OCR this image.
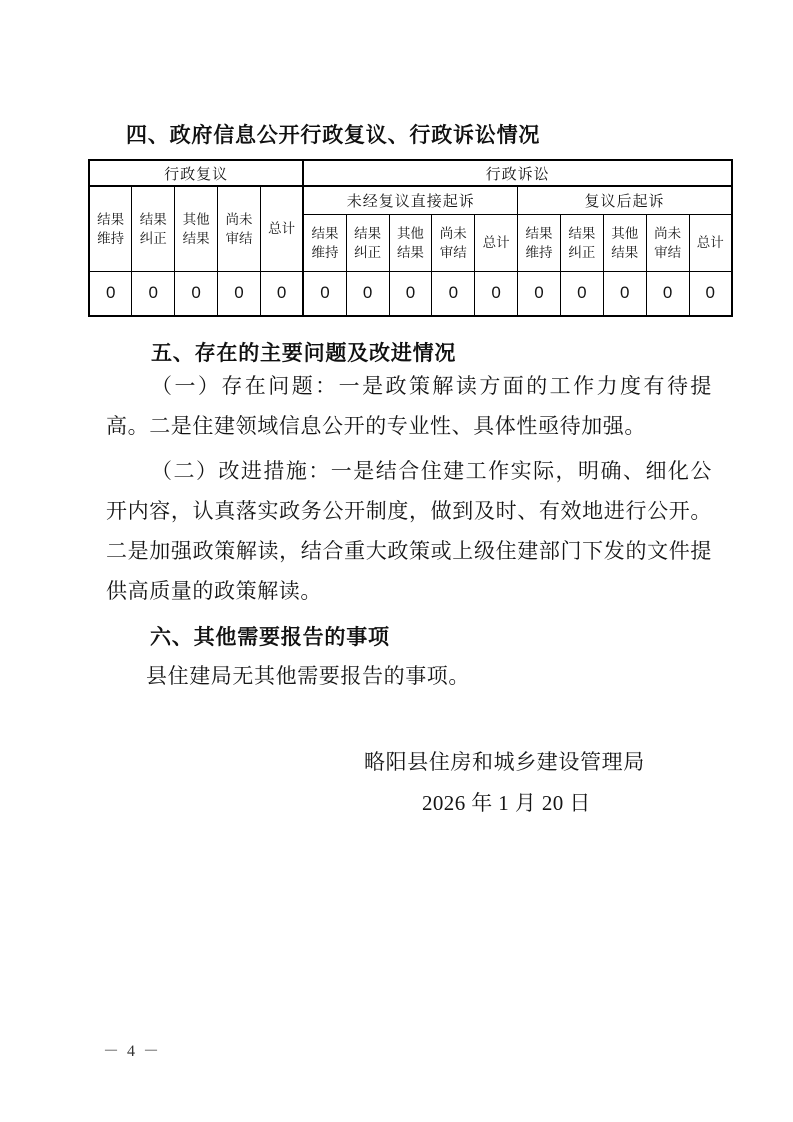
四、政府信息公开行政复议、行政诉讼情况
行政复议					行政诉讼									
结果维持	结果纠正	其他结果	尚未审结	总计	未经复议直接起诉					复议后起诉				
					结果维持	结果纠正	其他结果	尚未审结	总计	结果维持	结果纠正	其他结果	尚未审结	总计
0	0	0	0	0	0	0	0	0	0	0	0	0	0	0
五、存在的主要问题及改进情况
（一）存在问题：一是政策解读方面的工作力度有待提高。二是住建领域信息公开的专业性、具体性亟待加强。
（二）改进措施：一是结合住建工作实际，明确、细化公开内容，认真落实政务公开制度，做到及时、有效地进行公开。二是加强政策解读，结合重大政策或上级住建部门下发的文件提供高质量的政策解读。
六、其他需要报告的事项
县住建局无其他需要报告的事项。
略阳县住房和城乡建设管理局
2026 年 1 月 20 日
－ 4 －
